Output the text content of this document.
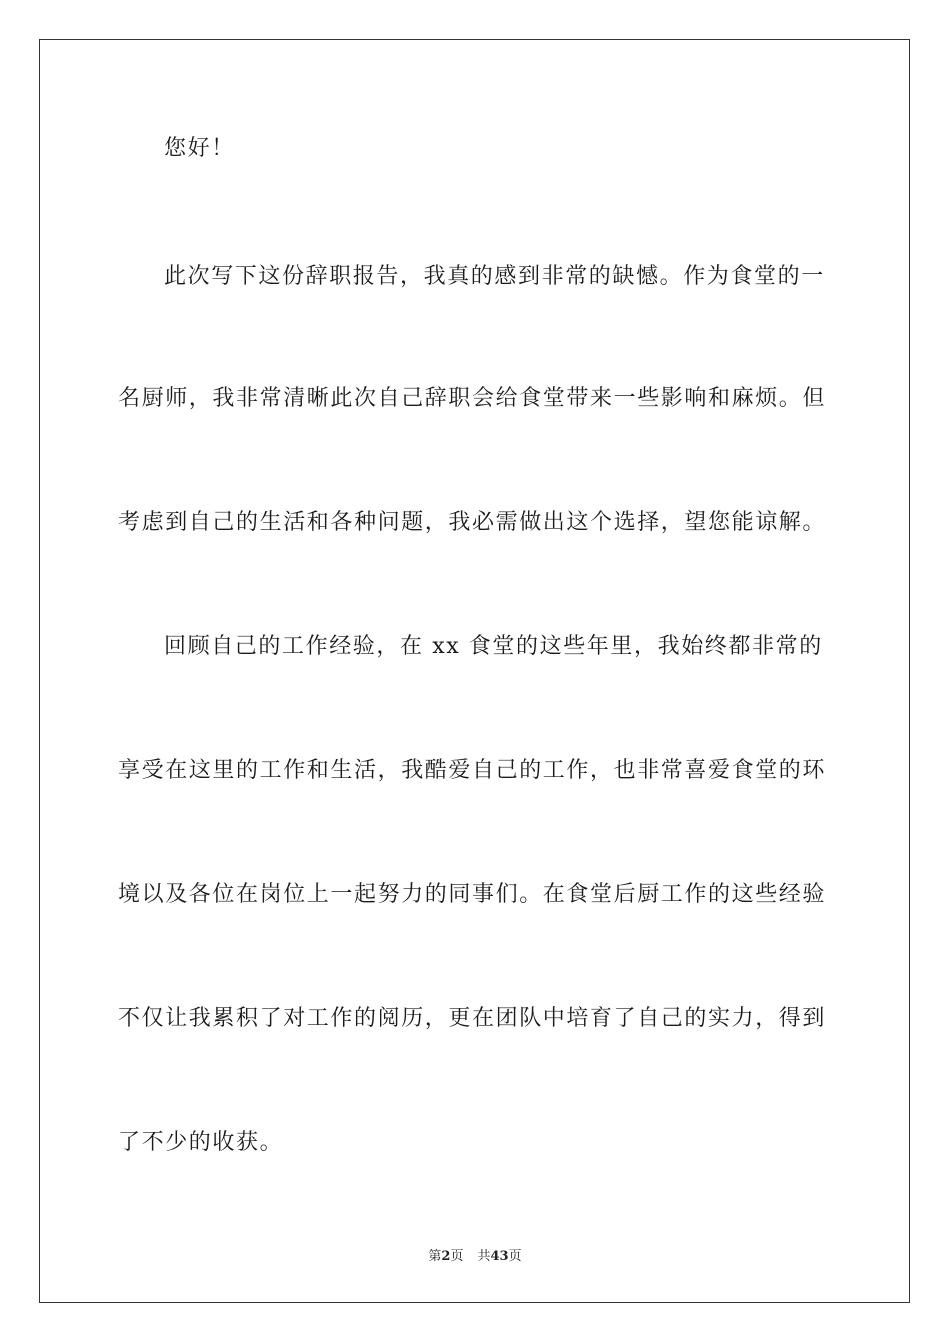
您好！
此次写下这份辞职报告，我真的感到非常的缺憾。作为食堂的一
名厨师，我非常清晰此次自己辞职会给食堂带来一些影响和麻烦。但
考虑到自己的生活和各种问题，我必需做出这个选择，望您能谅解。
回顾自己的工作经验，在 xx 食堂的这些年里，我始终都非常的
享受在这里的工作和生活，我酷爱自己的工作，也非常喜爱食堂的环
境以及各位在岗位上一起努力的同事们。在食堂后厨工作的这些经验
不仅让我累积了对工作的阅历，更在团队中培育了自己的实力，得到
了不少的收获。
第2页 共43页
